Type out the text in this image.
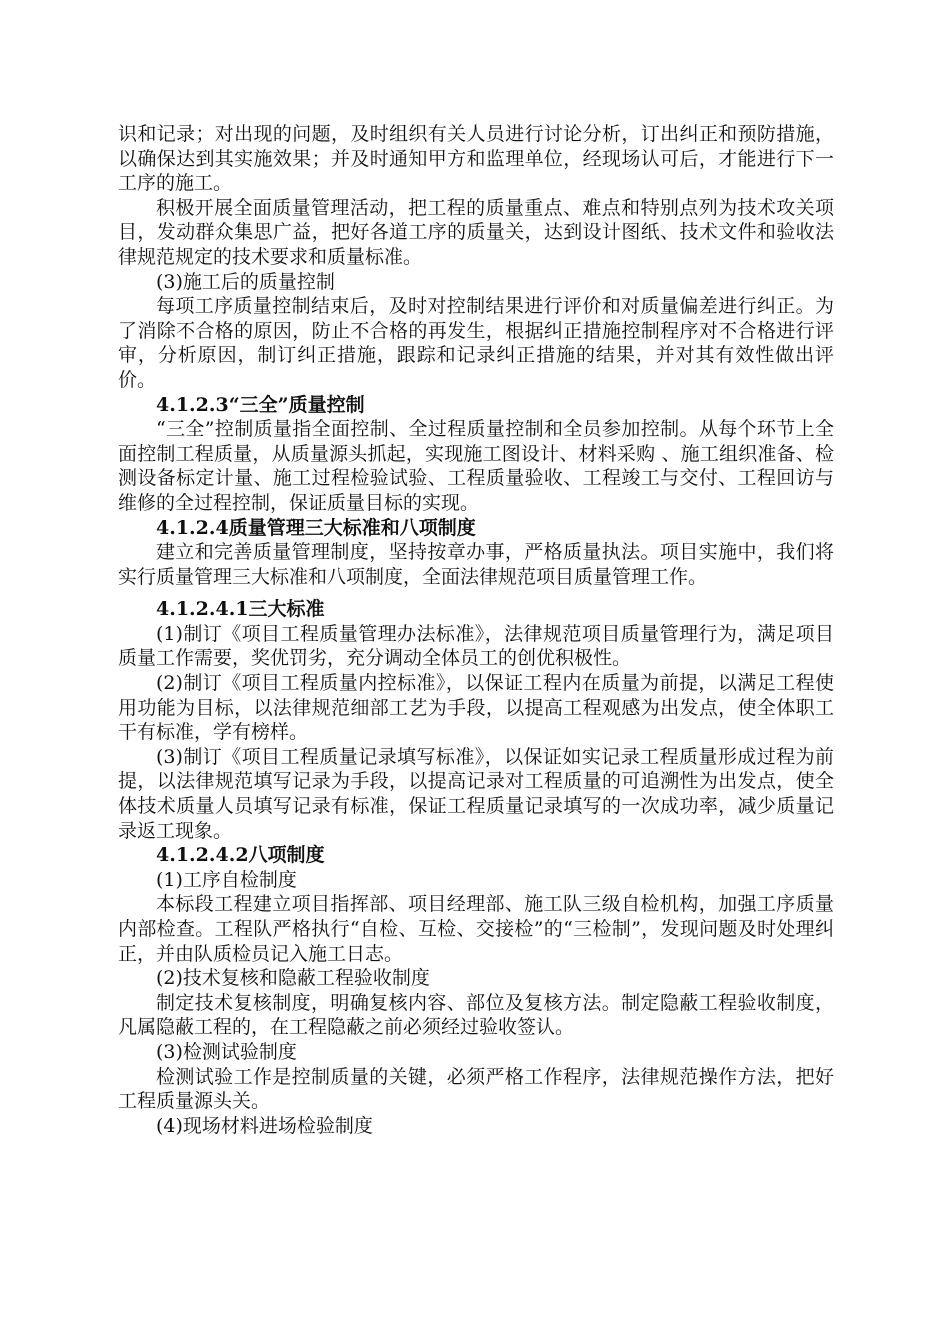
识和记录；对出现的问题，及时组织有关人员进行讨论分析，订出纠正和预防措施，以确保达到其实施效果；并及时通知甲方和监理单位，经现场认可后，才能进行下一工序的施工。

积极开展全面质量管理活动，把工程的质量重点、难点和特别点列为技术攻关项目，发动群众集思广益，把好各道工序的质量关，达到设计图纸、技术文件和验收法律规范规定的技术要求和质量标准。

(3)施工后的质量控制

每项工序质量控制结束后，及时对控制结果进行评价和对质量偏差进行纠正。为了消除不合格的原因，防止不合格的再发生，根据纠正措施控制程序对不合格进行评审，分析原因，制订纠正措施，跟踪和记录纠正措施的结果，并对其有效性做出评价。

4.1.2.3“三全”质量控制

“三全”控制质量指全面控制、全过程质量控制和全员参加控制。从每个环节上全面控制工程质量，从质量源头抓起，实现施工图设计、材料采购 、施工组织准备、检测设备标定计量、施工过程检验试验、工程质量验收、工程竣工与交付、工程回访与维修的全过程控制，保证质量目标的实现。

4.1.2.4质量管理三大标准和八项制度

建立和完善质量管理制度，坚持按章办事，严格质量执法。项目实施中，我们将实行质量管理三大标准和八项制度，全面法律规范项目质量管理工作。

4.1.2.4.1三大标准

(1)制订《项目工程质量管理办法标准》，法律规范项目质量管理行为，满足项目质量工作需要，奖优罚劣，充分调动全体员工的创优积极性。

(2)制订《项目工程质量内控标准》，以保证工程内在质量为前提，以满足工程使用功能为目标，以法律规范细部工艺为手段，以提高工程观感为出发点，使全体职工干有标准，学有榜样。

(3)制订《项目工程质量记录填写标准》，以保证如实记录工程质量形成过程为前提，以法律规范填写记录为手段，以提高记录对工程质量的可追溯性为出发点，使全体技术质量人员填写记录有标准，保证工程质量记录填写的一次成功率，减少质量记录返工现象。

4.1.2.4.2八项制度

(1)工序自检制度

本标段工程建立项目指挥部、项目经理部、施工队三级自检机构，加强工序质量内部检查。工程队严格执行“自检、互检、交接检”的“三检制”，发现问题及时处理纠正，并由队质检员记入施工日志。

(2)技术复核和隐蔽工程验收制度

制定技术复核制度，明确复核内容、部位及复核方法。制定隐蔽工程验收制度，凡属隐蔽工程的，在工程隐蔽之前必须经过验收签认。

(3)检测试验制度

检测试验工作是控制质量的关键，必须严格工作程序，法律规范操作方法，把好工程质量源头关。

(4)现场材料进场检验制度
